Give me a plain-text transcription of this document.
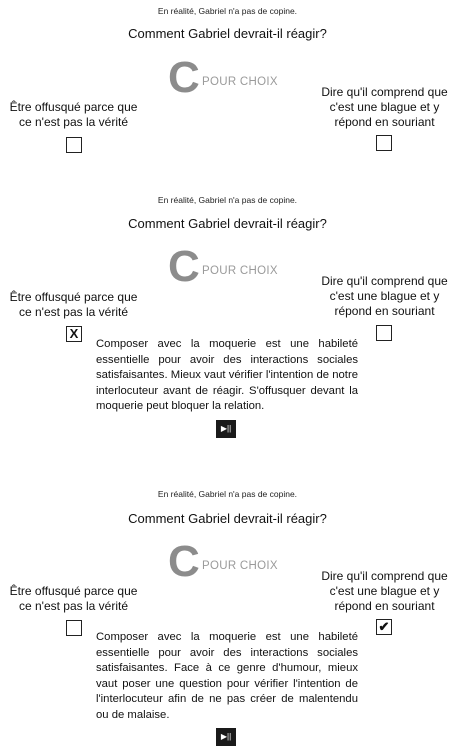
En réalité, Gabriel n'a pas de copine.
Comment Gabriel devrait-il réagir?
C POUR CHOIX
Être offusqué parce que
ce n'est pas la vérité
Dire qu'il comprend que
c'est une blague et y
répond en souriant
En réalité, Gabriel n'a pas de copine.
Comment Gabriel devrait-il réagir?
C POUR CHOIX
Être offusqué parce que
ce n'est pas la vérité
Dire qu'il comprend que
c'est une blague et y
répond en souriant
X
Composer avec la moquerie est une habileté essentielle pour avoir des interactions sociales satisfaisantes. Mieux vaut vérifier l'intention de notre interlocuteur avant de réagir. S'offusquer devant la moquerie peut bloquer la relation.
▶||
En réalité, Gabriel n'a pas de copine.
Comment Gabriel devrait-il réagir?
C POUR CHOIX
Être offusqué parce que
ce n'est pas la vérité
Dire qu'il comprend que
c'est une blague et y
répond en souriant
✔
Composer avec la moquerie est une habileté essentielle pour avoir des interactions sociales satisfaisantes. Face à ce genre d'humour, mieux vaut poser une question pour vérifier l'intention de l'interlocuteur afin de ne pas créer de malentendu ou de malaise.
▶||
